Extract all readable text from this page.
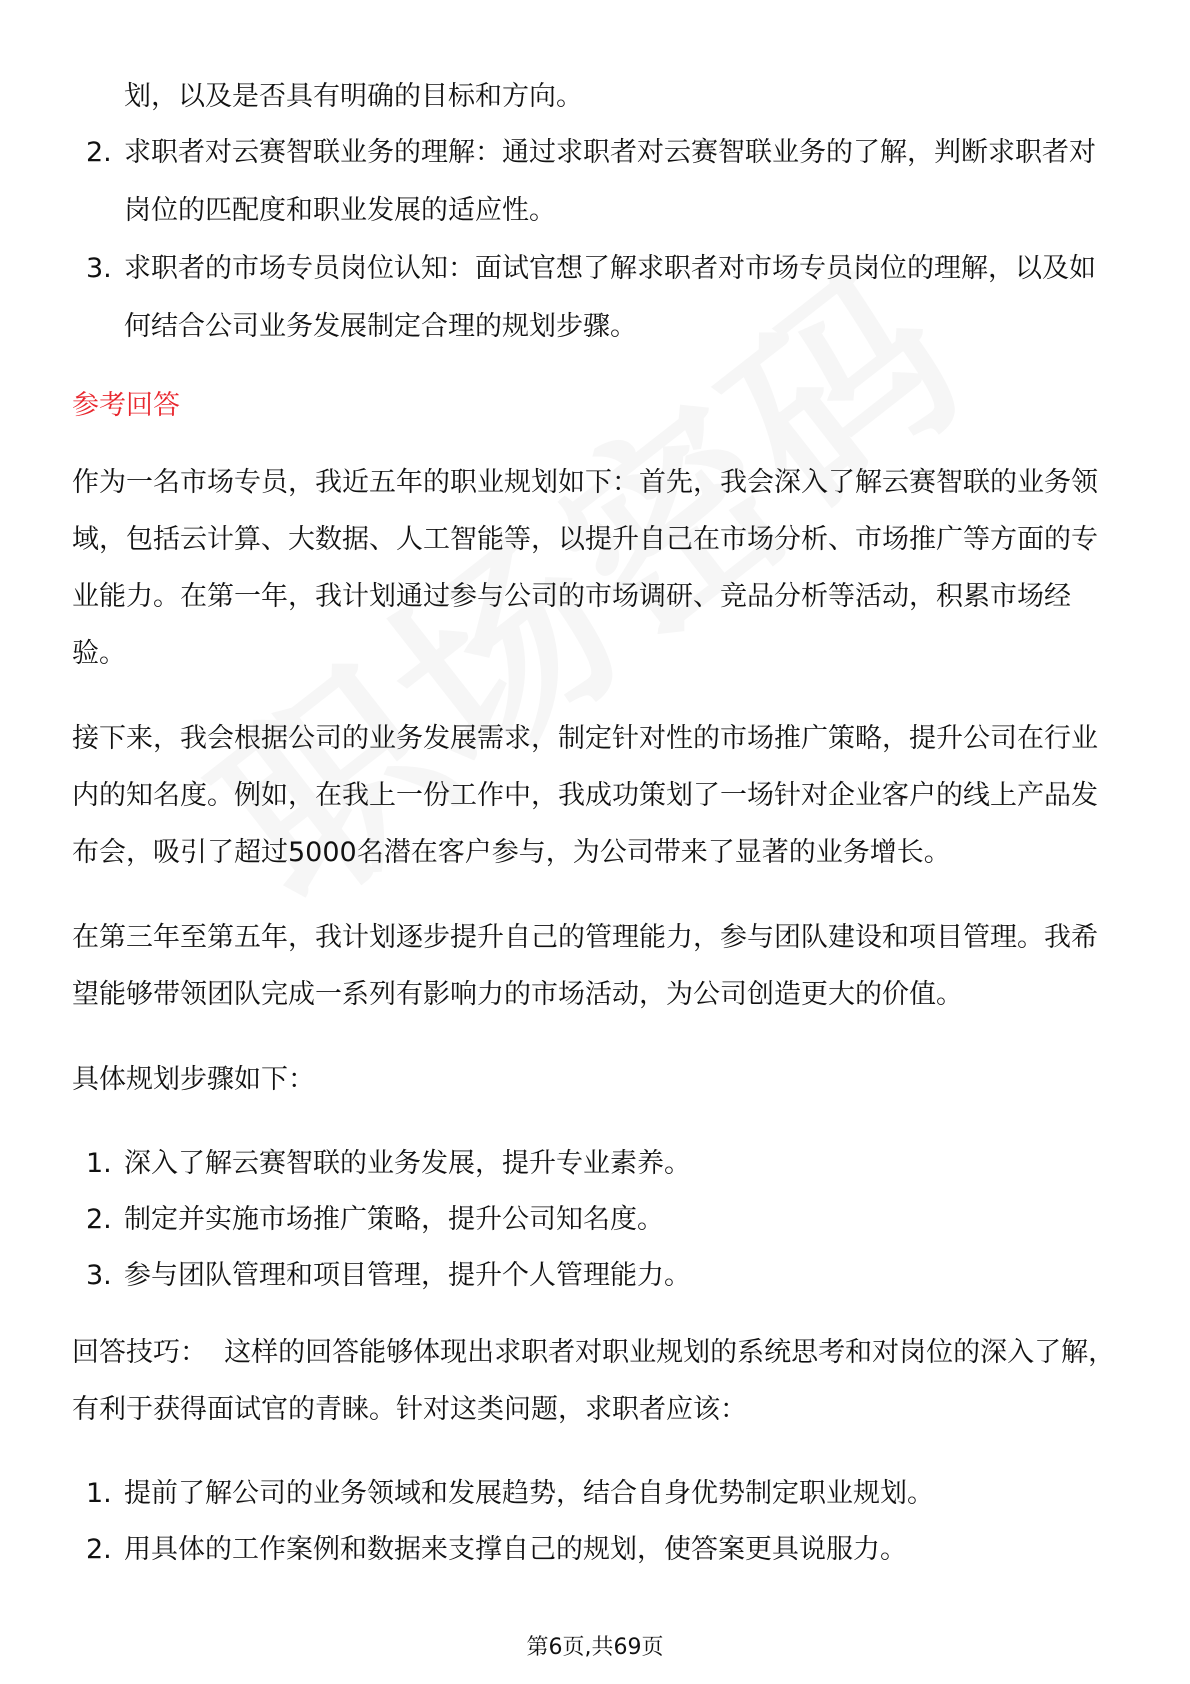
划，以及是否具有明确的目标和方向。
2. 求职者对云赛智联业务的理解：通过求职者对云赛智联业务的了解，判断求职者对岗位的匹配度和职业发展的适应性。
3. 求职者的市场专员岗位认知：面试官想了解求职者对市场专员岗位的理解，以及如何结合公司业务发展制定合理的规划步骤。
参考回答

作为一名市场专员，我近五年的职业规划如下：首先，我会深入了解云赛智联的业务领域，包括云计算、大数据、人工智能等，以提升自己在市场分析、市场推广等方面的专业能力。在第一年，我计划通过参与公司的市场调研、竞品分析等活动，积累市场经验。

接下来，我会根据公司的业务发展需求，制定针对性的市场推广策略，提升公司在行业内的知名度。例如，在我上一份工作中，我成功策划了一场针对企业客户的线上产品发布会，吸引了超过5000名潜在客户参与，为公司带来了显著的业务增长。

在第三年至第五年，我计划逐步提升自己的管理能力，参与团队建设和项目管理。我希望能够带领团队完成一系列有影响力的市场活动，为公司创造更大的价值。

具体规划步骤如下：

1. 深入了解云赛智联的业务发展，提升专业素养。
2. 制定并实施市场推广策略，提升公司知名度。
3. 参与团队管理和项目管理，提升个人管理能力。

回答技巧：  这样的回答能够体现出求职者对职业规划的系统思考和对岗位的深入了解，有利于获得面试官的青睐。针对这类问题，求职者应该：

1. 提前了解公司的业务领域和发展趋势，结合自身优势制定职业规划。
2. 用具体的工作案例和数据来支撑自己的规划，使答案更具说服力。
第6页,共69页
